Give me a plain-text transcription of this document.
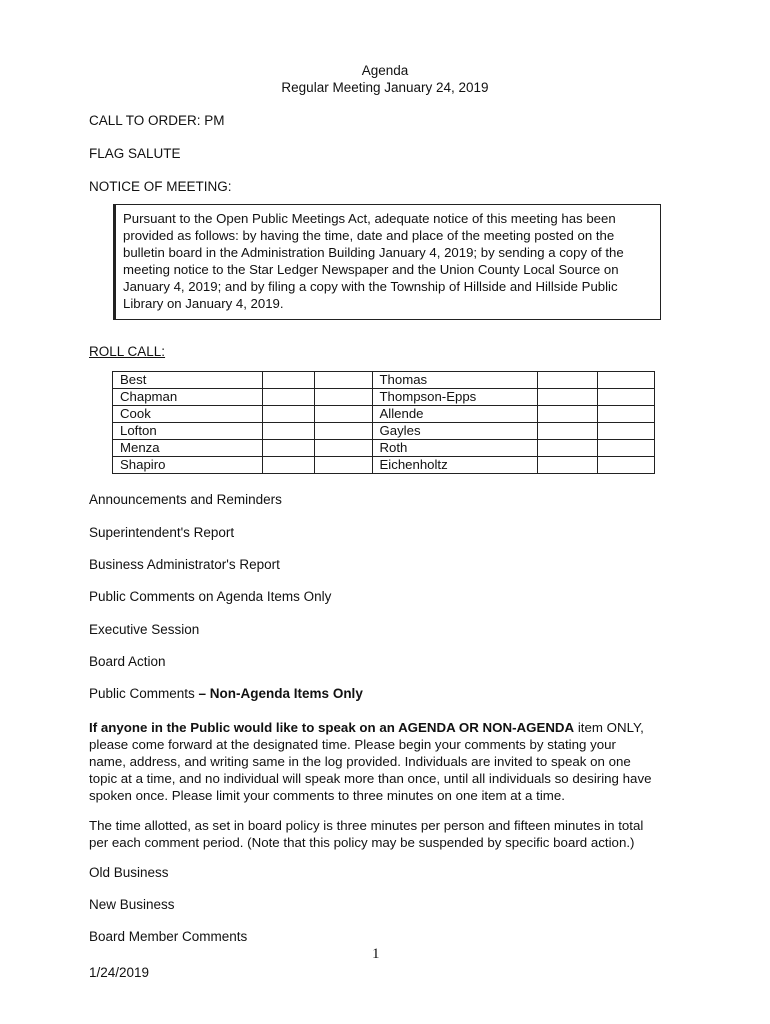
Agenda
Regular Meeting January 24, 2019
CALL TO ORDER: PM
FLAG SALUTE
NOTICE OF MEETING:
Pursuant to the Open Public Meetings Act, adequate notice of this meeting has been
provided as follows: by having the time, date and place of the meeting posted on the
bulletin board in the Administration Building January 4, 2019; by sending a copy of the
meeting notice to the Star Ledger Newspaper and the Union County Local Source on
January 4, 2019; and by filing a copy with the Township of Hillside and Hillside Public
Library on January 4, 2019.
ROLL CALL:
Best			Thomas		
Chapman			Thompson-Epps		
Cook			Allende		
Lofton			Gayles		
Menza			Roth		
Shapiro			Eichenholtz		
Announcements and Reminders
Superintendent's Report
Business Administrator's Report
Public Comments on Agenda Items Only
Executive Session
Board Action
Public Comments – Non-Agenda Items Only
If anyone in the Public would like to speak on an AGENDA OR NON-AGENDA item ONLY,
please come forward at the designated time. Please begin your comments by stating your
name, address, and writing same in the log provided. Individuals are invited to speak on one
topic at a time, and no individual will speak more than once, until all individuals so desiring have
spoken once. Please limit your comments to three minutes on one item at a time.
The time allotted, as set in board policy is three minutes per person and fifteen minutes in total
per each comment period. (Note that this policy may be suspended by specific board action.)
Old Business
New Business
Board Member Comments
1
1/24/2019
